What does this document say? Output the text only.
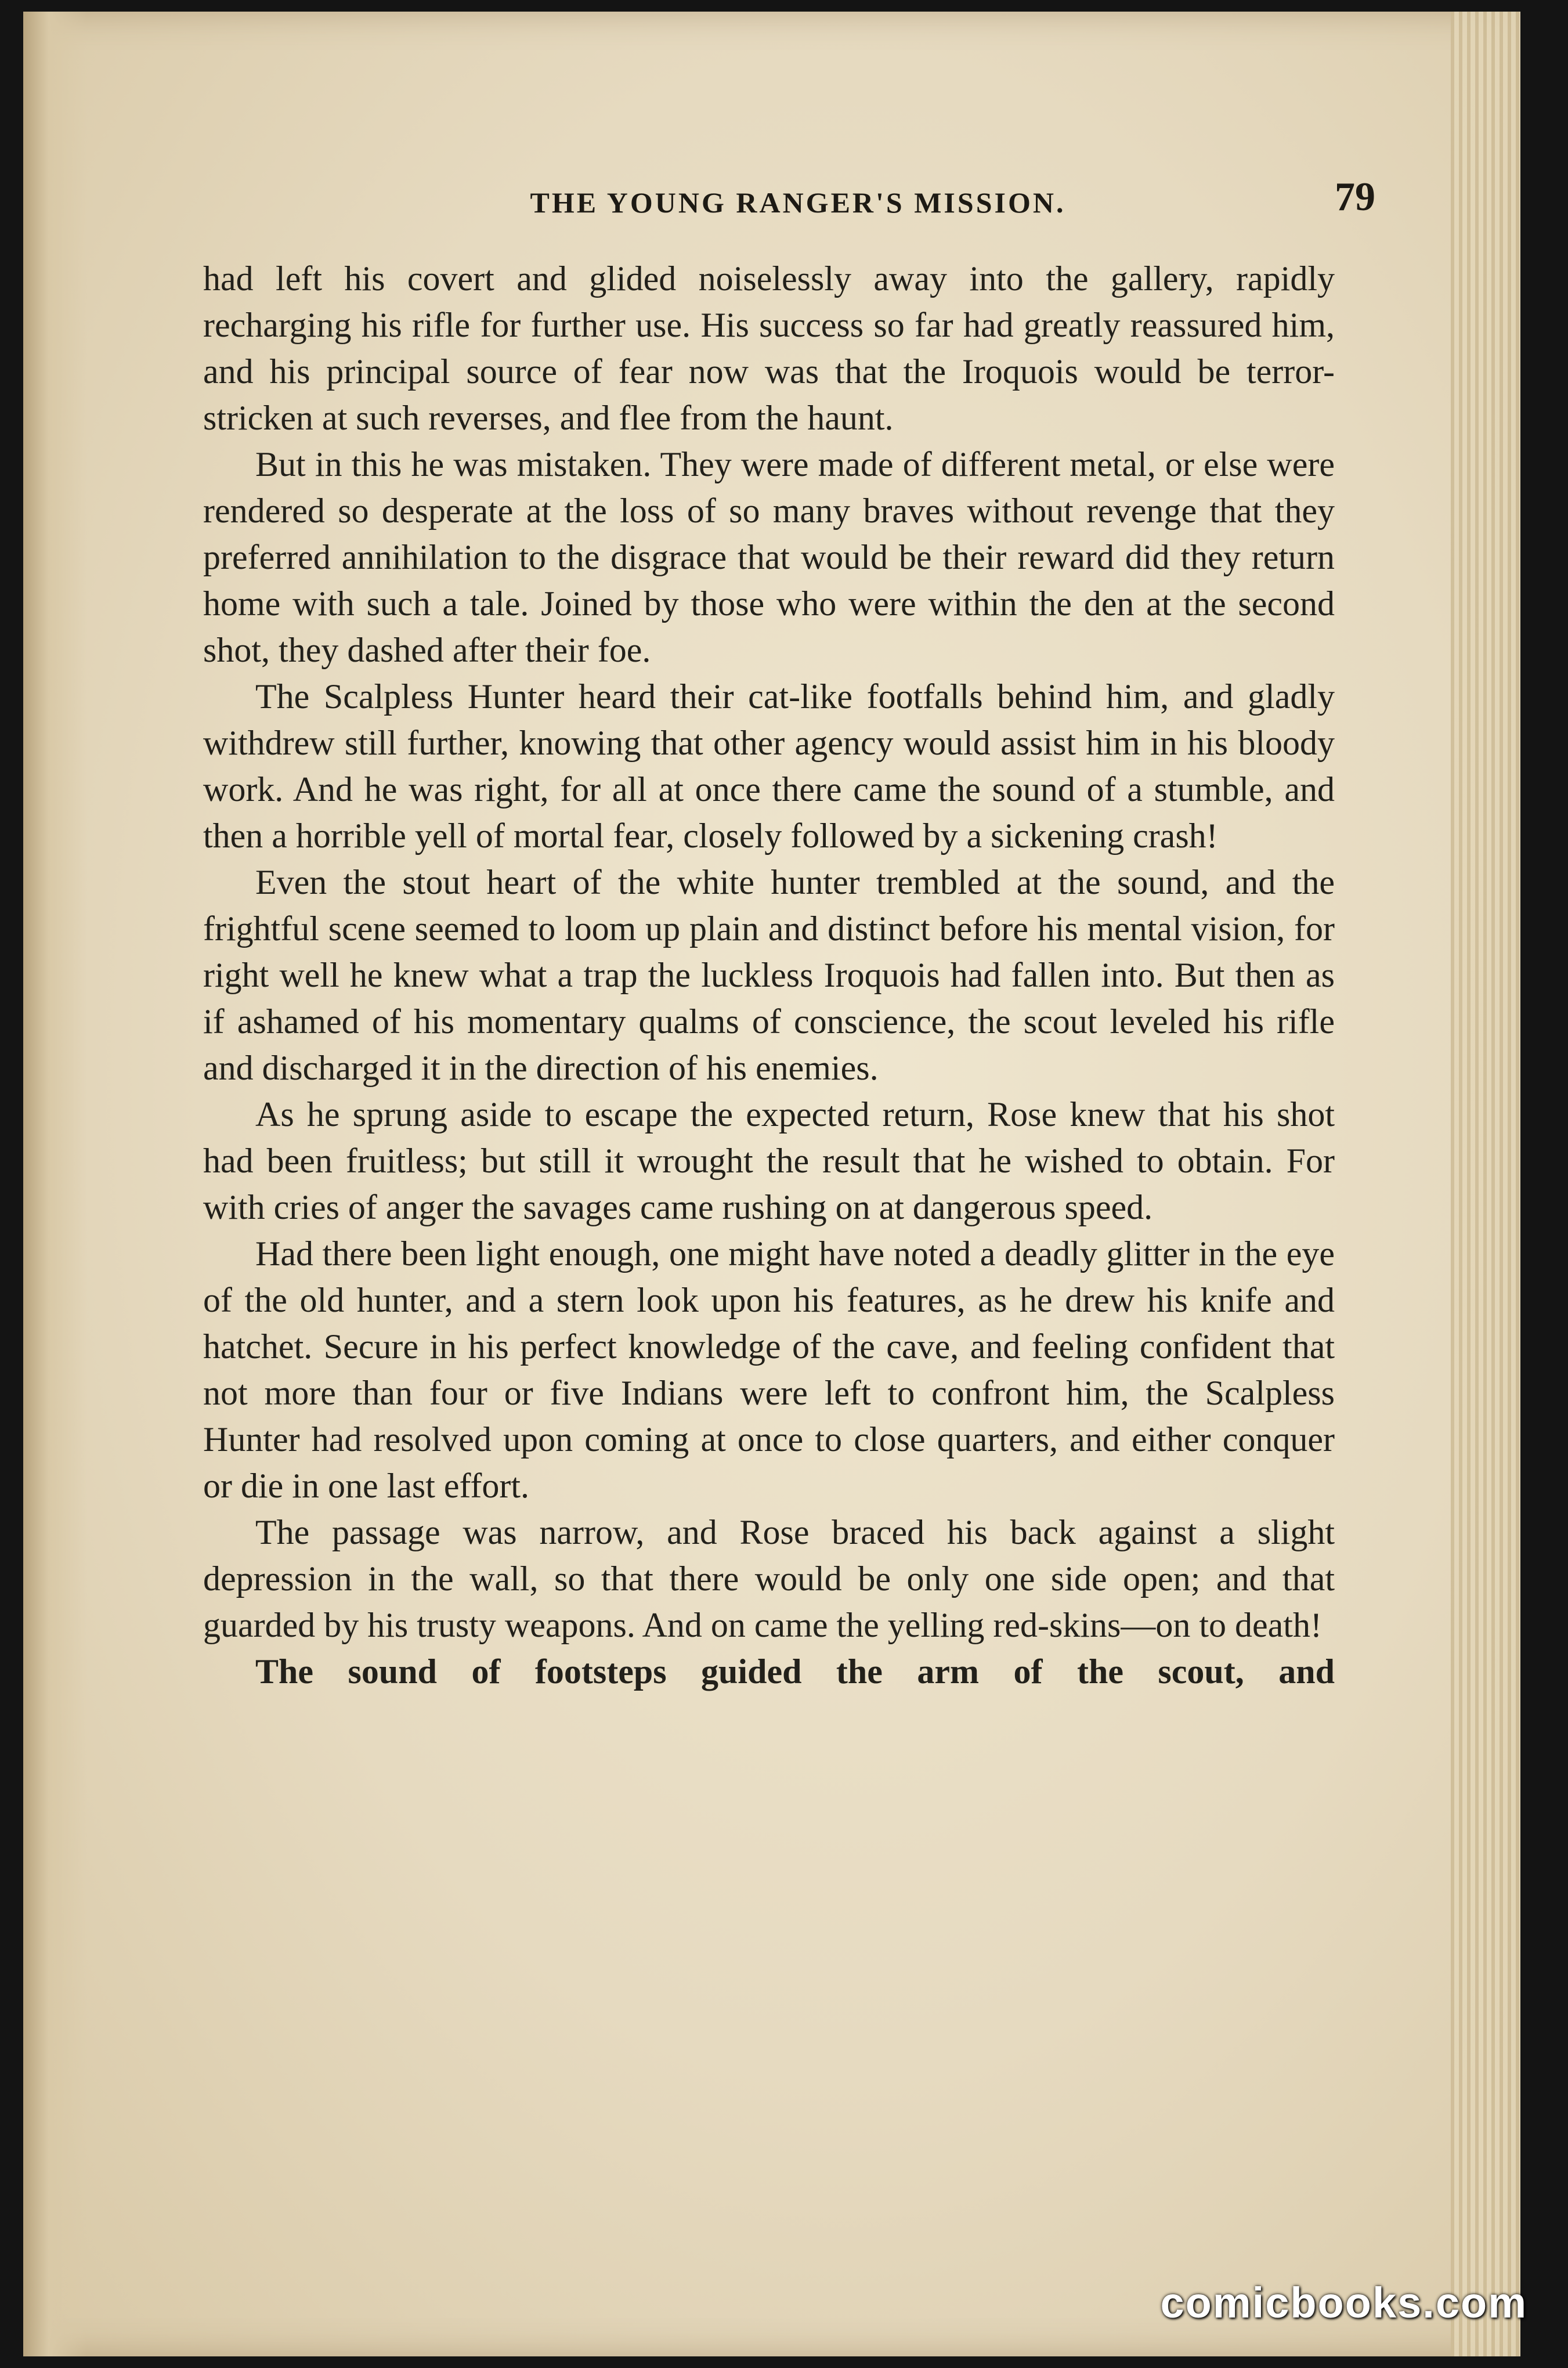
THE YOUNG RANGER'S MISSION.	79

had left his covert and glided noiselessly away into the gallery, rapidly recharging his rifle for further use. His success so far had greatly reassured him, and his principal source of fear now was that the Iroquois would be terror-stricken at such reverses, and flee from the haunt.

But in this he was mistaken. They were made of different metal, or else were rendered so desperate at the loss of so many braves without revenge that they preferred annihilation to the disgrace that would be their reward did they return home with such a tale. Joined by those who were within the den at the second shot, they dashed after their foe.

The Scalpless Hunter heard their cat-like footfalls behind him, and gladly withdrew still further, knowing that other agency would assist him in his bloody work. And he was right, for all at once there came the sound of a stumble, and then a horrible yell of mortal fear, closely followed by a sickening crash!

Even the stout heart of the white hunter trembled at the sound, and the frightful scene seemed to loom up plain and distinct before his mental vision, for right well he knew what a trap the luckless Iroquois had fallen into. But then as if ashamed of his momentary qualms of conscience, the scout leveled his rifle and discharged it in the direction of his enemies.

As he sprung aside to escape the expected return, Rose knew that his shot had been fruitless; but still it wrought the result that he wished to obtain. For with cries of anger the savages came rushing on at dangerous speed.

Had there been light enough, one might have noted a deadly glitter in the eye of the old hunter, and a stern look upon his features, as he drew his knife and hatchet. Secure in his perfect knowledge of the cave, and feeling confident that not more than four or five Indians were left to confront him, the Scalpless Hunter had resolved upon coming at once to close quarters, and either conquer or die in one last effort.

The passage was narrow, and Rose braced his back against a slight depression in the wall, so that there would be only one side open; and that guarded by his trusty weapons. And on came the yelling red-skins—on to death!

The sound of footsteps guided the arm of the scout, and

comicbooks.com
